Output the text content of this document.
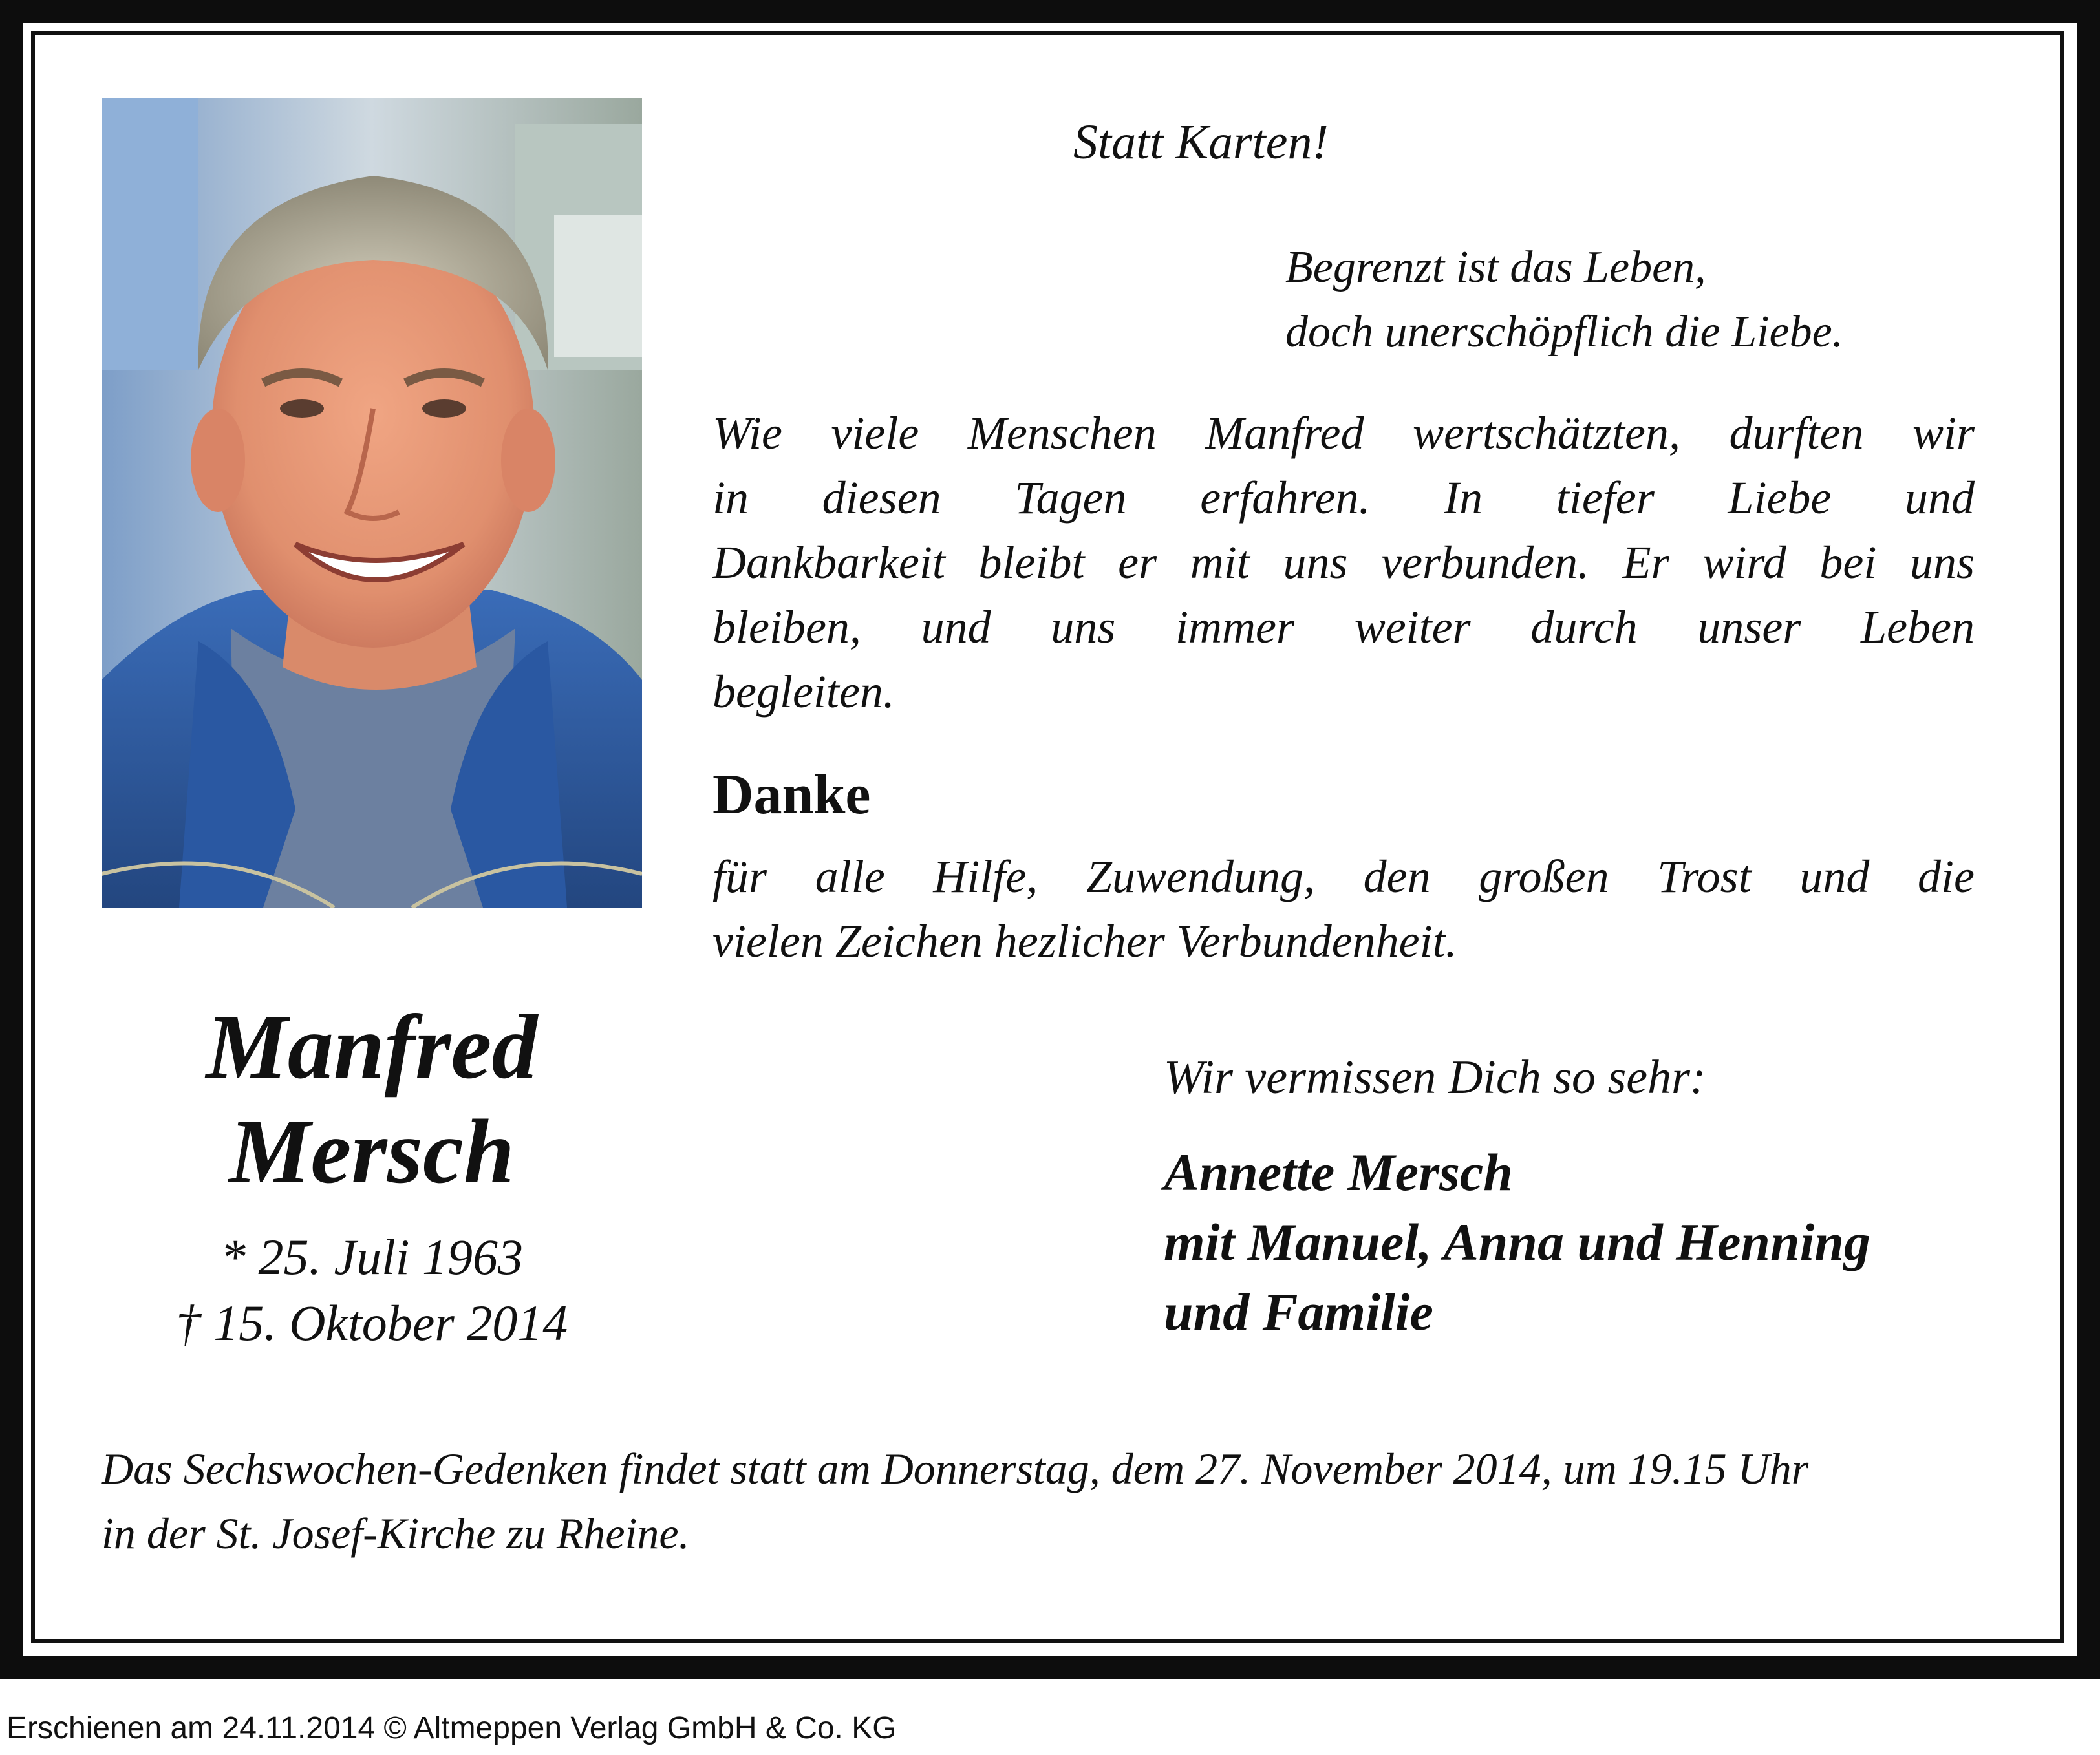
Manfred
Mersch
* 25. Juli 1963
† 15. Oktober 2014
Statt Karten!
Begrenzt ist das Leben,
doch unerschöpflich die Liebe.
Wie viele Menschen Manfred wertschätzten, durften wir
in diesen Tagen erfahren. In tiefer Liebe und
Dankbarkeit bleibt er mit uns verbunden. Er wird bei uns
bleiben, und uns immer weiter durch unser Leben
begleiten.
Danke
für alle Hilfe, Zuwendung, den großen Trost und die
vielen Zeichen hezlicher Verbundenheit.
Wir vermissen Dich so sehr:
Annette Mersch
mit Manuel, Anna und Henning
und Familie
Das Sechswochen-Gedenken findet statt am Donnerstag, dem 27. November 2014, um 19.15 Uhr
in der St. Josef-Kirche zu Rheine.
Erschienen am 24.11.2014 © Altmeppen Verlag GmbH & Co. KG
